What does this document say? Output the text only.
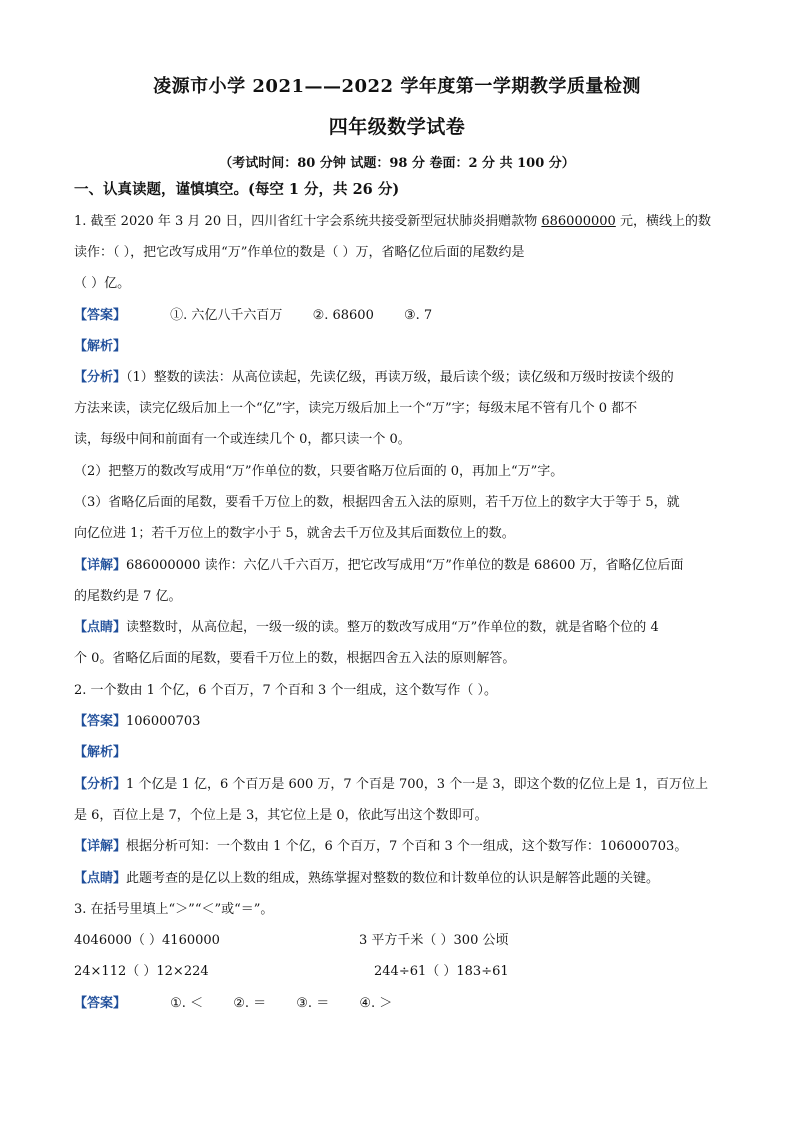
凌源市小学 2021——2022 学年度第一学期教学质量检测
四年级数学试卷
（考试时间：80 分钟 试题：98 分 卷面：2 分 共 100 分）
一、认真读题，谨慎填空。(每空 1 分，共 26 分)
1. 截至 2020 年 3 月 20 日，四川省红十字会系统共接受新型冠状肺炎捐赠款物 686000000 元，横线上的数
读作：（ ），把它改写成用“万”作单位的数是（ ）万，省略亿位后面的尾数约是
（ ）亿。
【答案】	①. 六亿八千六百万 ②. 68600 ③. 7
【解析】
【分析】（1）整数的读法：从高位读起，先读亿级，再读万级，最后读个级；读亿级和万级时按读个级的
方法来读，读完亿级后加上一个“亿”字，读完万级后加上一个“万”字；每级末尾不管有几个 0 都不
读，每级中间和前面有一个或连续几个 0，都只读一个 0。
（2）把整万的数改写成用“万”作单位的数，只要省略万位后面的 0，再加上“万”字。
（3）省略亿后面的尾数，要看千万位上的数，根据四舍五入法的原则，若千万位上的数字大于等于 5，就
向亿位进 1；若千万位上的数字小于 5，就舍去千万位及其后面数位上的数。
【详解】686000000 读作：六亿八千六百万，把它改写成用“万”作单位的数是 68600 万，省略亿位后面
的尾数约是 7 亿。
【点睛】读整数时，从高位起，一级一级的读。整万的数改写成用“万”作单位的数，就是省略个位的 4
个 0。省略亿后面的尾数，要看千万位上的数，根据四舍五入法的原则解答。
2. 一个数由 1 个亿，6 个百万，7 个百和 3 个一组成，这个数写作（ ）。
【答案】106000703
【解析】
【分析】1 个亿是 1 亿，6 个百万是 600 万，7 个百是 700，3 个一是 3，即这个数的亿位上是 1，百万位上
是 6，百位上是 7，个位上是 3，其它位上是 0，依此写出这个数即可。
【详解】根据分析可知：一个数由 1 个亿，6 个百万，7 个百和 3 个一组成，这个数写作：106000703。
【点睛】此题考查的是亿以上数的组成，熟练掌握对整数的数位和计数单位的认识是解答此题的关键。
3. 在括号里填上“＞”“＜”或“＝”。
4046000（ ）4160000	3 平方千米（ ）300 公顷
24×112（ ）12×224	244÷61（ ）183÷61
【答案】	①. ＜ ②. ＝ ③. ＝ ④. ＞
